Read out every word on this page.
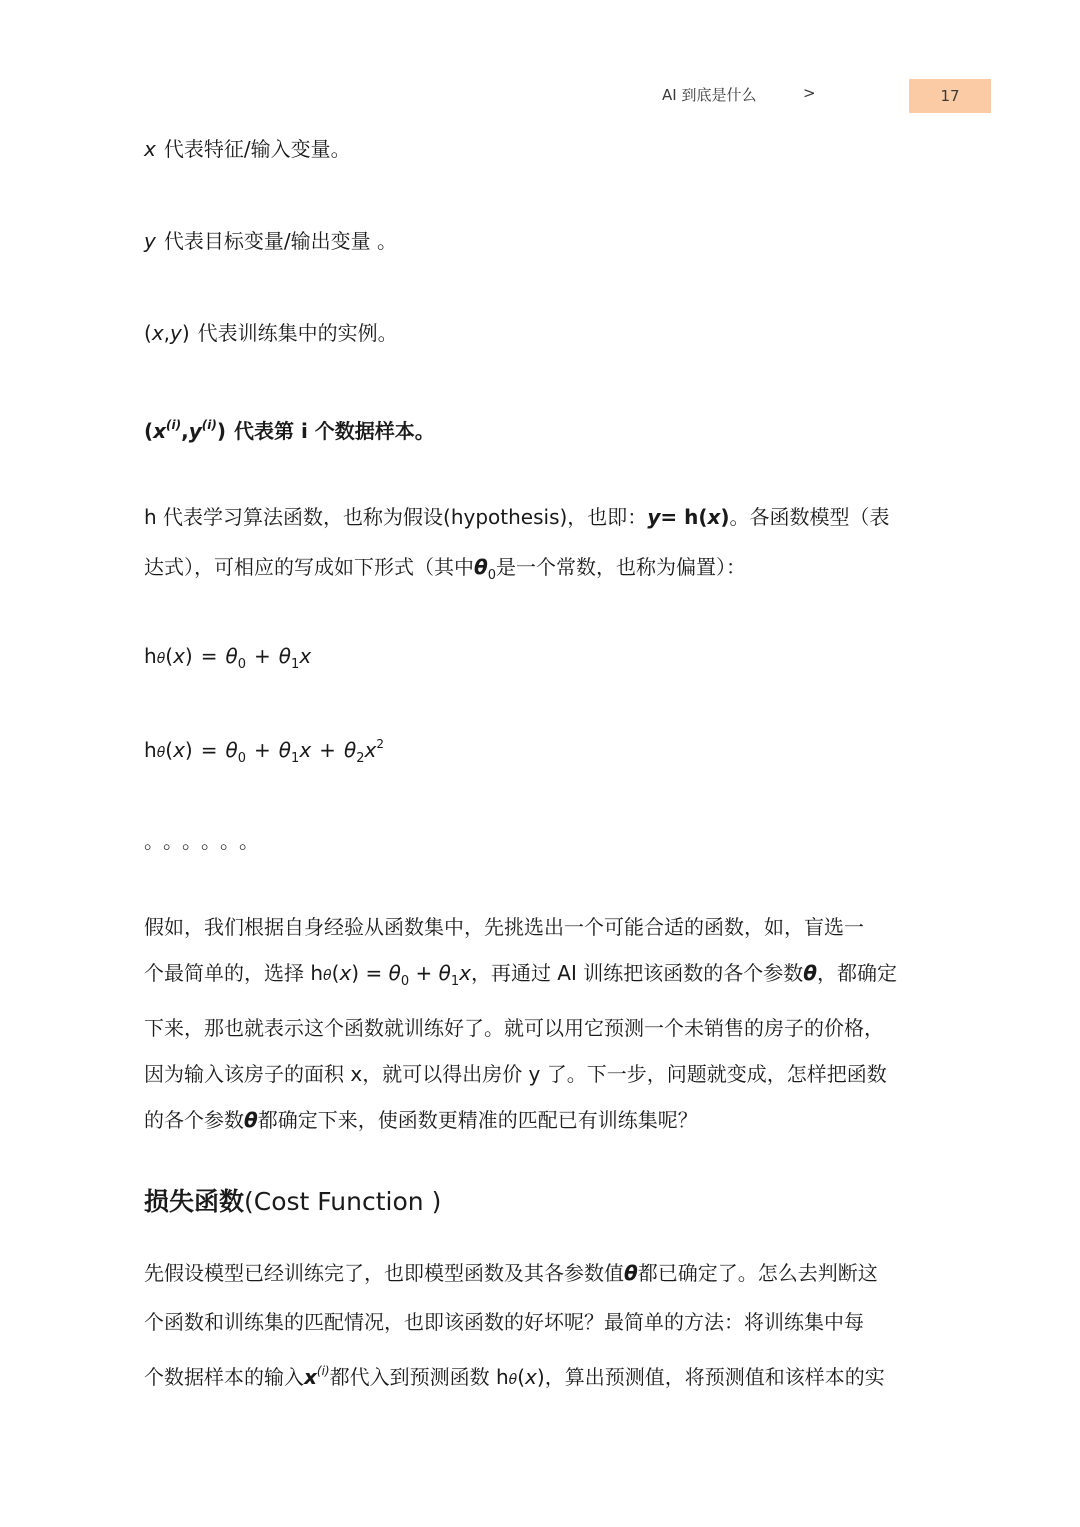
AI 到底是什么	>	17
x 代表特征/输入变量。
y 代表目标变量/输出变量 。
(x,y) 代表训练集中的实例。
$(x^{(i)},y^{(i)})$ 代表第 i 个数据样本。
h 代表学习算法函数，也称为假设(hypothesis)，也即：y= h(x)。各函数模型（表
达式），可相应的写成如下形式（其中$\theta_0$是一个常数，也称为偏置）：
$h\theta(x) = \theta_0 + \theta_1x$
$h\theta(x) = \theta_0 + \theta_1x + \theta_2x^2$
。。。。。。
假如，我们根据自身经验从函数集中，先挑选出一个可能合适的函数，如，盲选一
个最简单的，选择 $h\theta(x) = \theta_0 + \theta_1x$，再通过 AI 训练把该函数的各个参数θ，都确定
下来，那也就表示这个函数就训练好了。就可以用它预测一个未销售的房子的价格，
因为输入该房子的面积 x，就可以得出房价 y 了。下一步，问题就变成，怎样把函数
的各个参数θ都确定下来，使函数更精准的匹配已有训练集呢？
损失函数(Cost Function )
先假设模型已经训练完了，也即模型函数及其各参数值θ都已确定了。怎么去判断这
个函数和训练集的匹配情况，也即该函数的好坏呢？最简单的方法：将训练集中每
个数据样本的输入$x^{(i)}$都代入到预测函数 hθ(x)，算出预测值，将预测值和该样本的实
